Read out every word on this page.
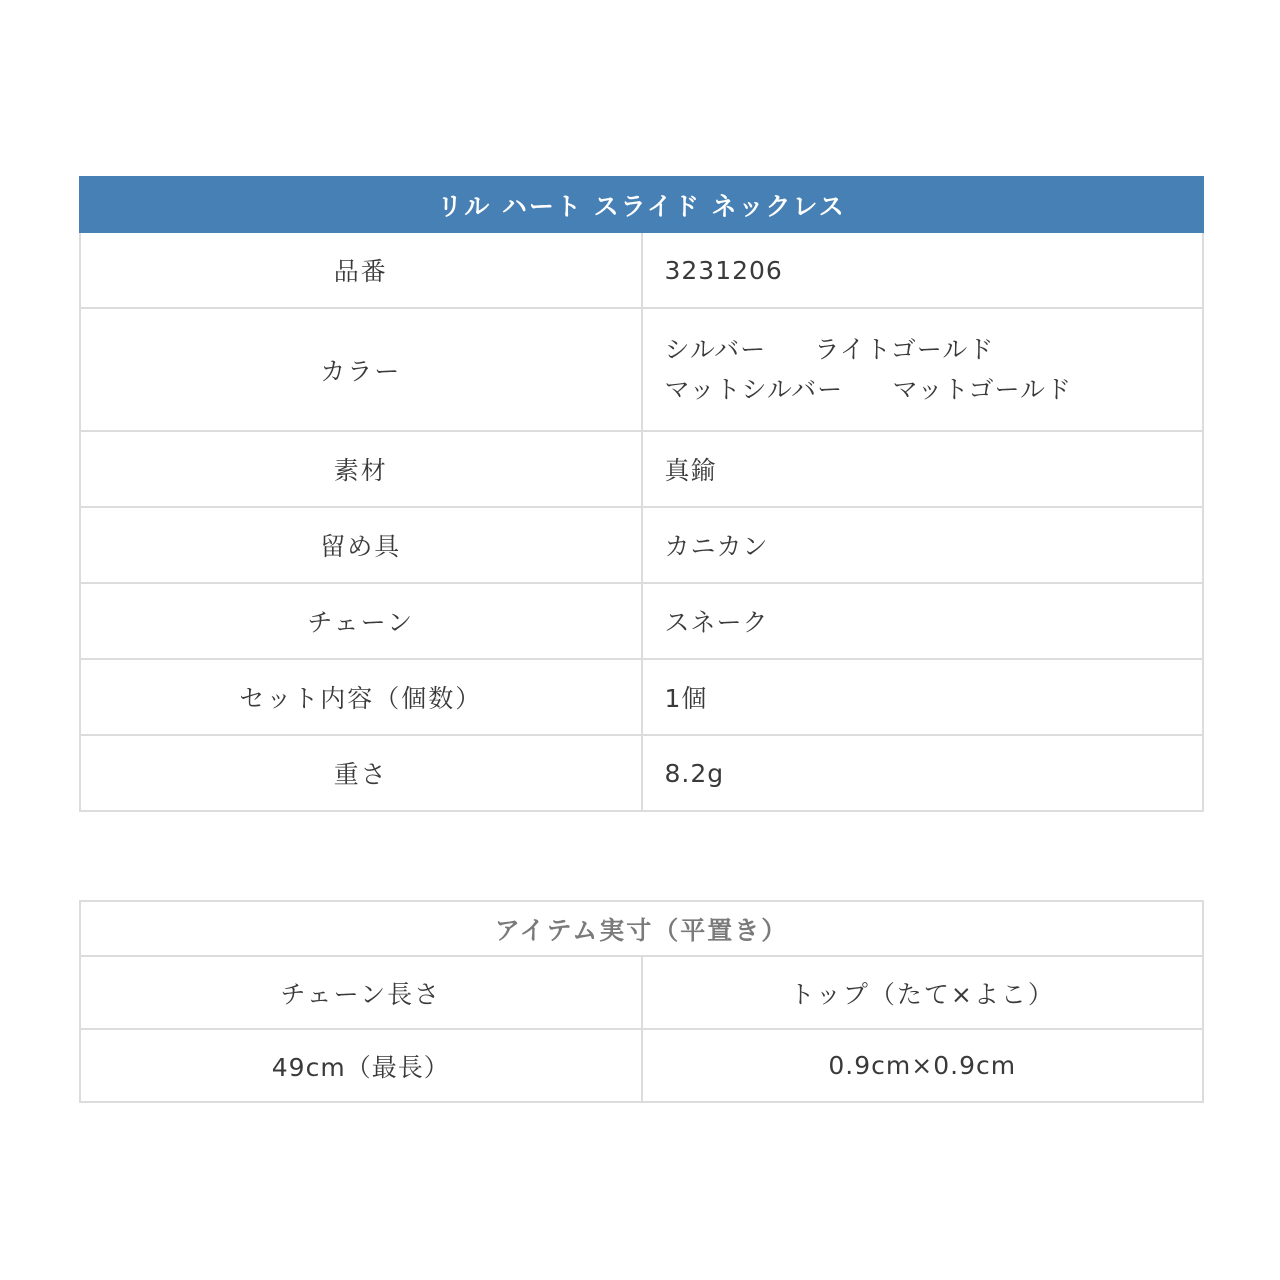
リル ハート スライド ネックレス	
品番	3231206
カラー	シルバー ライトゴールド
マットシルバー マットゴールド

素材	真鍮
留め具	カニカン
チェーン	スネーク
セット内容（個数）	1個
重さ	8.2g
アイテム実寸（平置き）	
チェーン長さ	トップ（たて×よこ）
49cm（最長）	0.9cm×0.9cm
